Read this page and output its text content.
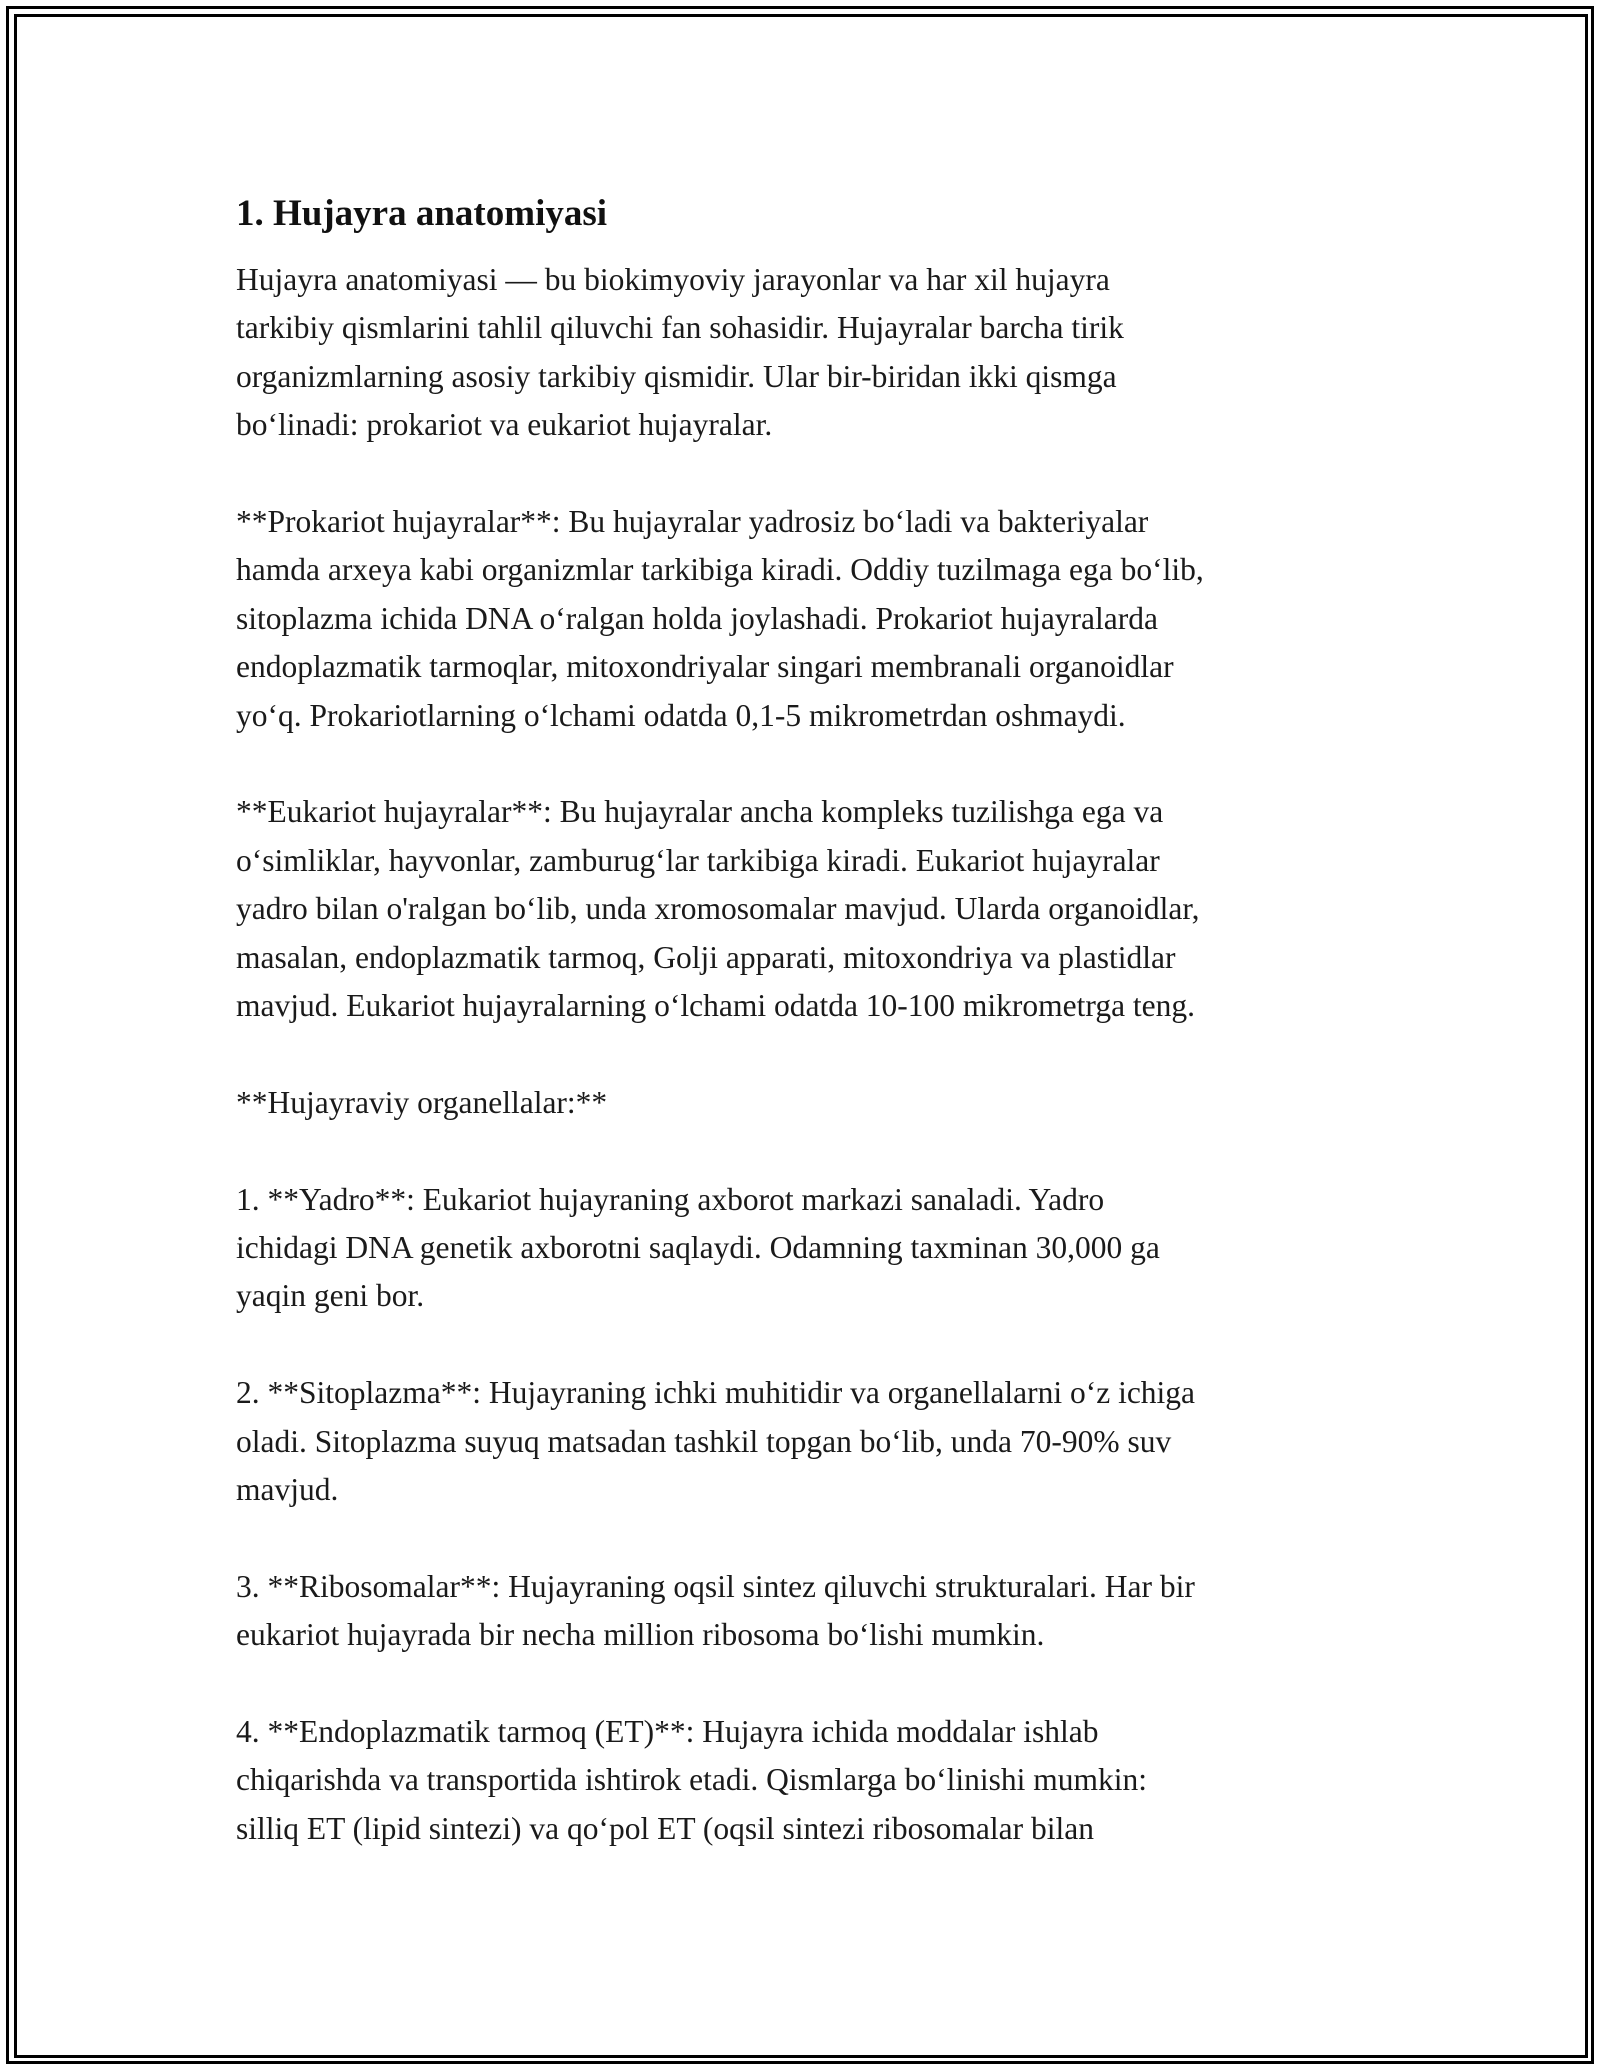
1. Hujayra anatomiyasi

Hujayra anatomiyasi — bu biokimyoviy jarayonlar va har xil hujayra
tarkibiy qismlarini tahlil qiluvchi fan sohasidir. Hujayralar barcha tirik
organizmlarning asosiy tarkibiy qismidir. Ular bir-biridan ikki qismga
bo‘linadi: prokariot va eukariot hujayralar.

**Prokariot hujayralar**: Bu hujayralar yadrosiz bo‘ladi va bakteriyalar
hamda arxeya kabi organizmlar tarkibiga kiradi. Oddiy tuzilmaga ega bo‘lib,
sitoplazma ichida DNA o‘ralgan holda joylashadi. Prokariot hujayralarda
endoplazmatik tarmoqlar, mitoxondriyalar singari membranali organoidlar
yo‘q. Prokariotlarning o‘lchami odatda 0,1-5 mikrometrdan oshmaydi.

**Eukariot hujayralar**: Bu hujayralar ancha kompleks tuzilishga ega va
o‘simliklar, hayvonlar, zamburug‘lar tarkibiga kiradi. Eukariot hujayralar
yadro bilan o'ralgan bo‘lib, unda xromosomalar mavjud. Ularda organoidlar,
masalan, endoplazmatik tarmoq, Golji apparati, mitoxondriya va plastidlar
mavjud. Eukariot hujayralarning o‘lchami odatda 10-100 mikrometrga teng.

**Hujayraviy organellalar:**

1. **Yadro**: Eukariot hujayraning axborot markazi sanaladi. Yadro
ichidagi DNA genetik axborotni saqlaydi. Odamning taxminan 30,000 ga
yaqin geni bor.

2. **Sitoplazma**: Hujayraning ichki muhitidir va organellalarni o‘z ichiga
oladi. Sitoplazma suyuq matsadan tashkil topgan bo‘lib, unda 70-90% suv
mavjud.

3. **Ribosomalar**: Hujayraning oqsil sintez qiluvchi strukturalari. Har bir
eukariot hujayrada bir necha million ribosoma bo‘lishi mumkin.

4. **Endoplazmatik tarmoq (ET)**: Hujayra ichida moddalar ishlab
chiqarishda va transportida ishtirok etadi. Qismlarga bo‘linishi mumkin:
silliq ET (lipid sintezi) va qo‘pol ET (oqsil sintezi ribosomalar bilan
